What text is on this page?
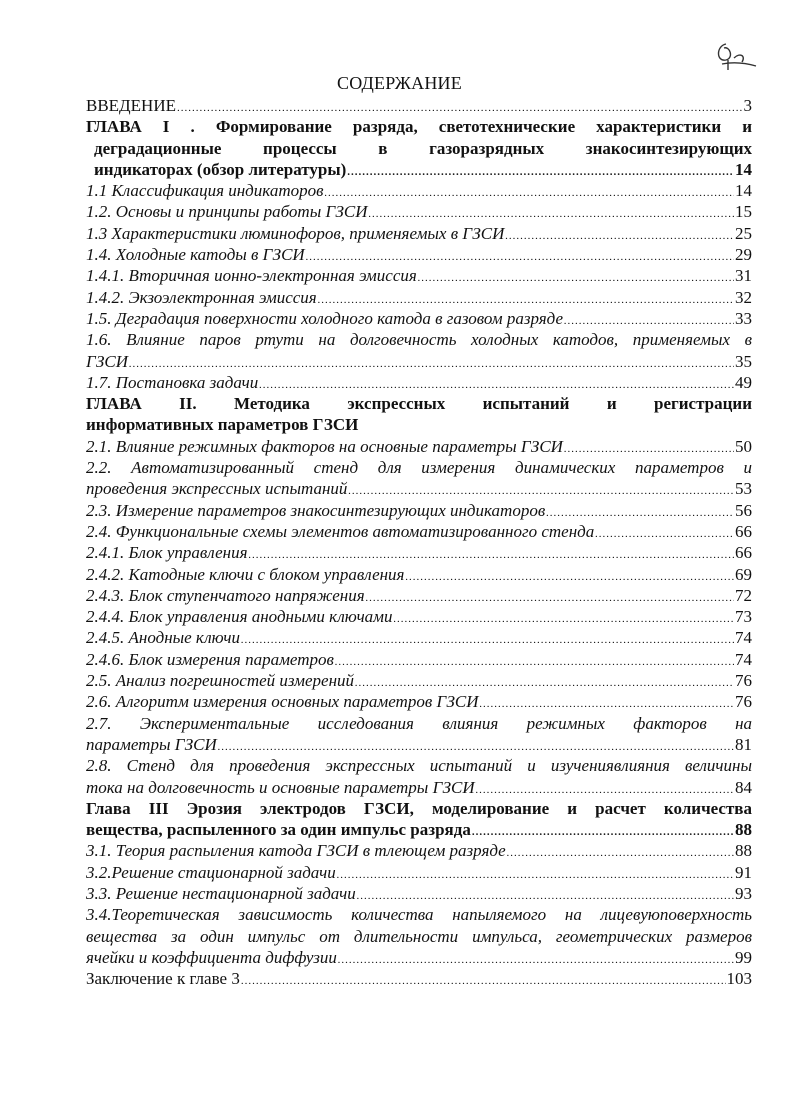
СОДЕРЖАНИЕ
ВВЕДЕНИЕ .....	3
ГЛАВА I . Формирование разряда, светотехнические характеристики и
деградационные процессы в газоразрядных знакосинтезирующих
индикаторах (обзор литературы) .....	14
1.1 Классификация индикаторов .....	14
1.2. Основы и принципы работы ГЗСИ .....	15
1.3 Характеристики люминофоров, применяемых в ГЗСИ .....	25
1.4. Холодные катоды в ГЗСИ .....	29
1.4.1. Вторичная ионно-электронная эмиссия .....	31
1.4.2. Экзоэлектронная эмиссия .....	32
1.5. Деградация поверхности холодного катода в газовом разряде .....	33
1.6. Влияние паров ртути на долговечность холодных катодов, применяемых в
ГЗСИ .....	35
1.7. Постановка задачи .....	49
ГЛАВА II. Методика экспрессных испытаний и регистрации
информативных параметров ГЗСИ
2.1. Влияние режимных факторов на основные параметры ГЗСИ .....	50
2.2. Автоматизированный стенд для измерения динамических параметров и
проведения экспрессных испытаний .....	53
2.3. Измерение параметров знакосинтезирующих индикаторов .....	56
2.4. Функциональные схемы элементов автоматизированного стенда .....	66
2.4.1. Блок управления .....	66
2.4.2. Катодные ключи с блоком управления .....	69
2.4.3. Блок ступенчатого напряжения .....	72
2.4.4. Блок управления анодными ключами .....	73
2.4.5. Анодные ключи .....	74
2.4.6. Блок измерения параметров .....	74
2.5. Анализ погрешностей измерений .....	76
2.6. Алгоритм измерения основных параметров ГЗСИ .....	76
2.7. Экспериментальные исследования влияния режимных факторов на
параметры ГЗСИ .....	81
2.8. Стенд для проведения экспрессных испытаний и изучениявлияния величины
тока на долговечность и основные параметры ГЗСИ .....	84
Глава III Эрозия электродов ГЗСИ, моделирование и расчет количества
вещества, распыленного за один импульс разряда .....	88
3.1. Теория распыления катода ГЗСИ в тлеющем разряде .....	88
3.2.Решение стационарной задачи .....	91
3.3. Решение нестационарной задачи .....	93
3.4.Теоретическая зависимость количества напыляемого на лицевуюповерхность
вещества за один импульс от длительности импульса, геометрических размеров
ячейки и коэффициента диффузии .....	99
Заключение к главе 3 .....	103
